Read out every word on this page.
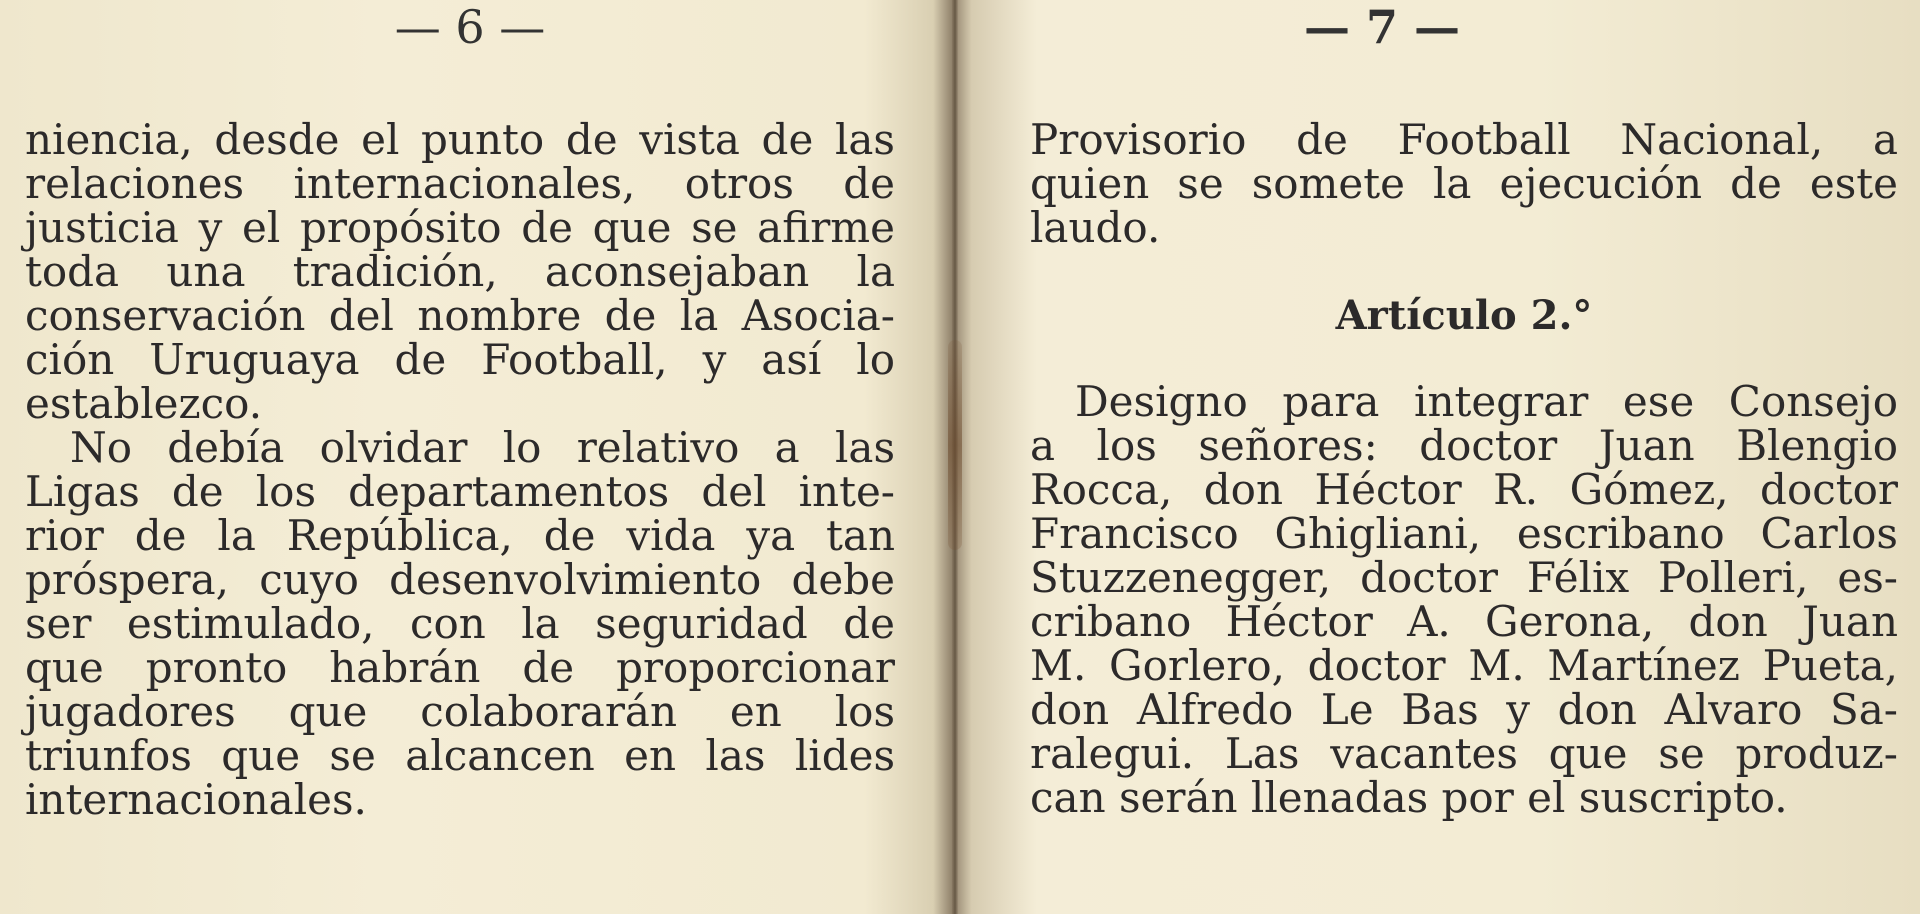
— 6 —
niencia, desde el punto de vista de las
relaciones internacionales, otros de
justicia y el propósito de que se afirme
toda una tradición, aconsejaban la
conservación del nombre de la Asocia-
ción Uruguaya de Football, y así lo
establezco.
No debía olvidar lo relativo a las
Ligas de los departamentos del inte-
rior de la República, de vida ya tan
próspera, cuyo desenvolvimiento debe
ser estimulado, con la seguridad de
que pronto habrán de proporcionar
jugadores que colaborarán en los
triunfos que se alcancen en las lides
internacionales.
— 7 —
Provisorio de Football Nacional, a
quien se somete la ejecución de este
laudo.
Artículo 2.°
Designo para integrar ese Consejo
a los señores: doctor Juan Blengio
Rocca, don Héctor R. Gómez, doctor
Francisco Ghigliani, escribano Carlos
Stuzzenegger, doctor Félix Polleri, es-
cribano Héctor A. Gerona, don Juan
M. Gorlero, doctor M. Martínez Pueta,
don Alfredo Le Bas y don Alvaro Sa-
ralegui. Las vacantes que se produz-
can serán llenadas por el suscripto.
